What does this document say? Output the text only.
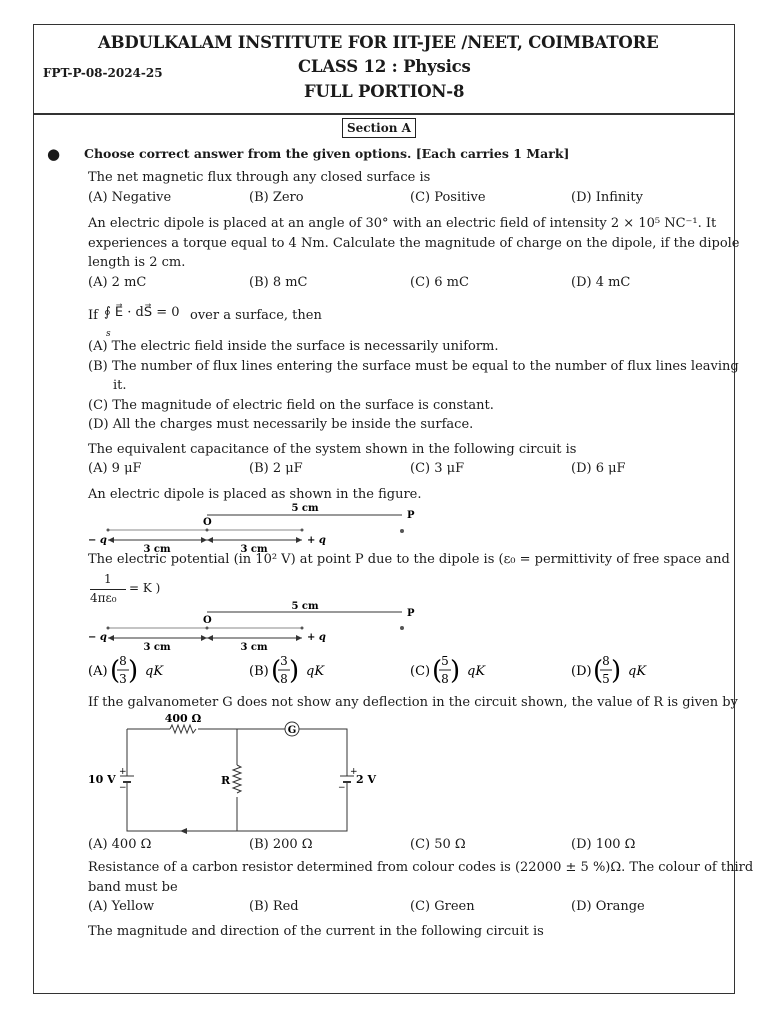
ABDULKALAM INSTITUTE FOR IIT-JEE /NEET, COIMBATORE
FPT-P-08-2024-25	CLASS 12 : Physics
FULL PORTION-8
Section A
● Choose correct answer from the given options. [Each carries 1 Mark]
The net magnetic flux through any closed surface is
(A) Negative	(B) Zero	(C) Positive	(D) Infinity
An electric dipole is placed at an angle of 30° with an electric field of intensity 2 × 10⁵ NC⁻¹. It
experiences a torque equal to 4 Nm. Calculate the magnitude of charge on the dipole, if the dipole
length is 2 cm.
(A) 2 mC	(B) 8 mC	(C) 6 mC	(D) 4 mC
If ∮ E⃗ · dS⃗ = 0
s
over a surface, then
(A) The electric field inside the surface is necessarily uniform.
(B) The number of flux lines entering the surface must be equal to the number of flux lines leaving
it.
(C) The magnitude of electric field on the surface is constant.
(D) All the charges must necessarily be inside the surface.
The equivalent capacitance of the system shown in the following circuit is
(A) 9 μF	(B) 2 μF	(C) 3 μF	(D) 6 μF
An electric dipole is placed as shown in the figure.
5 cm
P
O
− q	+ q
3 cm	3 cm
The electric potential (in 10² V) at point P due to the dipole is (ε₀ = permittivity of free space and
1
4πε₀
= K )
5 cm
P
O
− q	+ q
3 cm	3 cm
(A) ( 8
3 ) qK	(B) ( 3
8 ) qK	(C) ( 5
8 ) qK	(D) ( 8
5 ) qK
If the galvanometer G does not show any deflection in the circuit shown, the value of R is given by
400 Ω
G
10 V
+
−
R
+
−
2 V
(A) 400 Ω	(B) 200 Ω	(C) 50 Ω	(D) 100 Ω
Resistance of a carbon resistor determined from colour codes is (22000 ± 5 %)Ω. The colour of third
band must be
(A) Yellow	(B) Red	(C) Green	(D) Orange
The magnitude and direction of the current in the following circuit is
